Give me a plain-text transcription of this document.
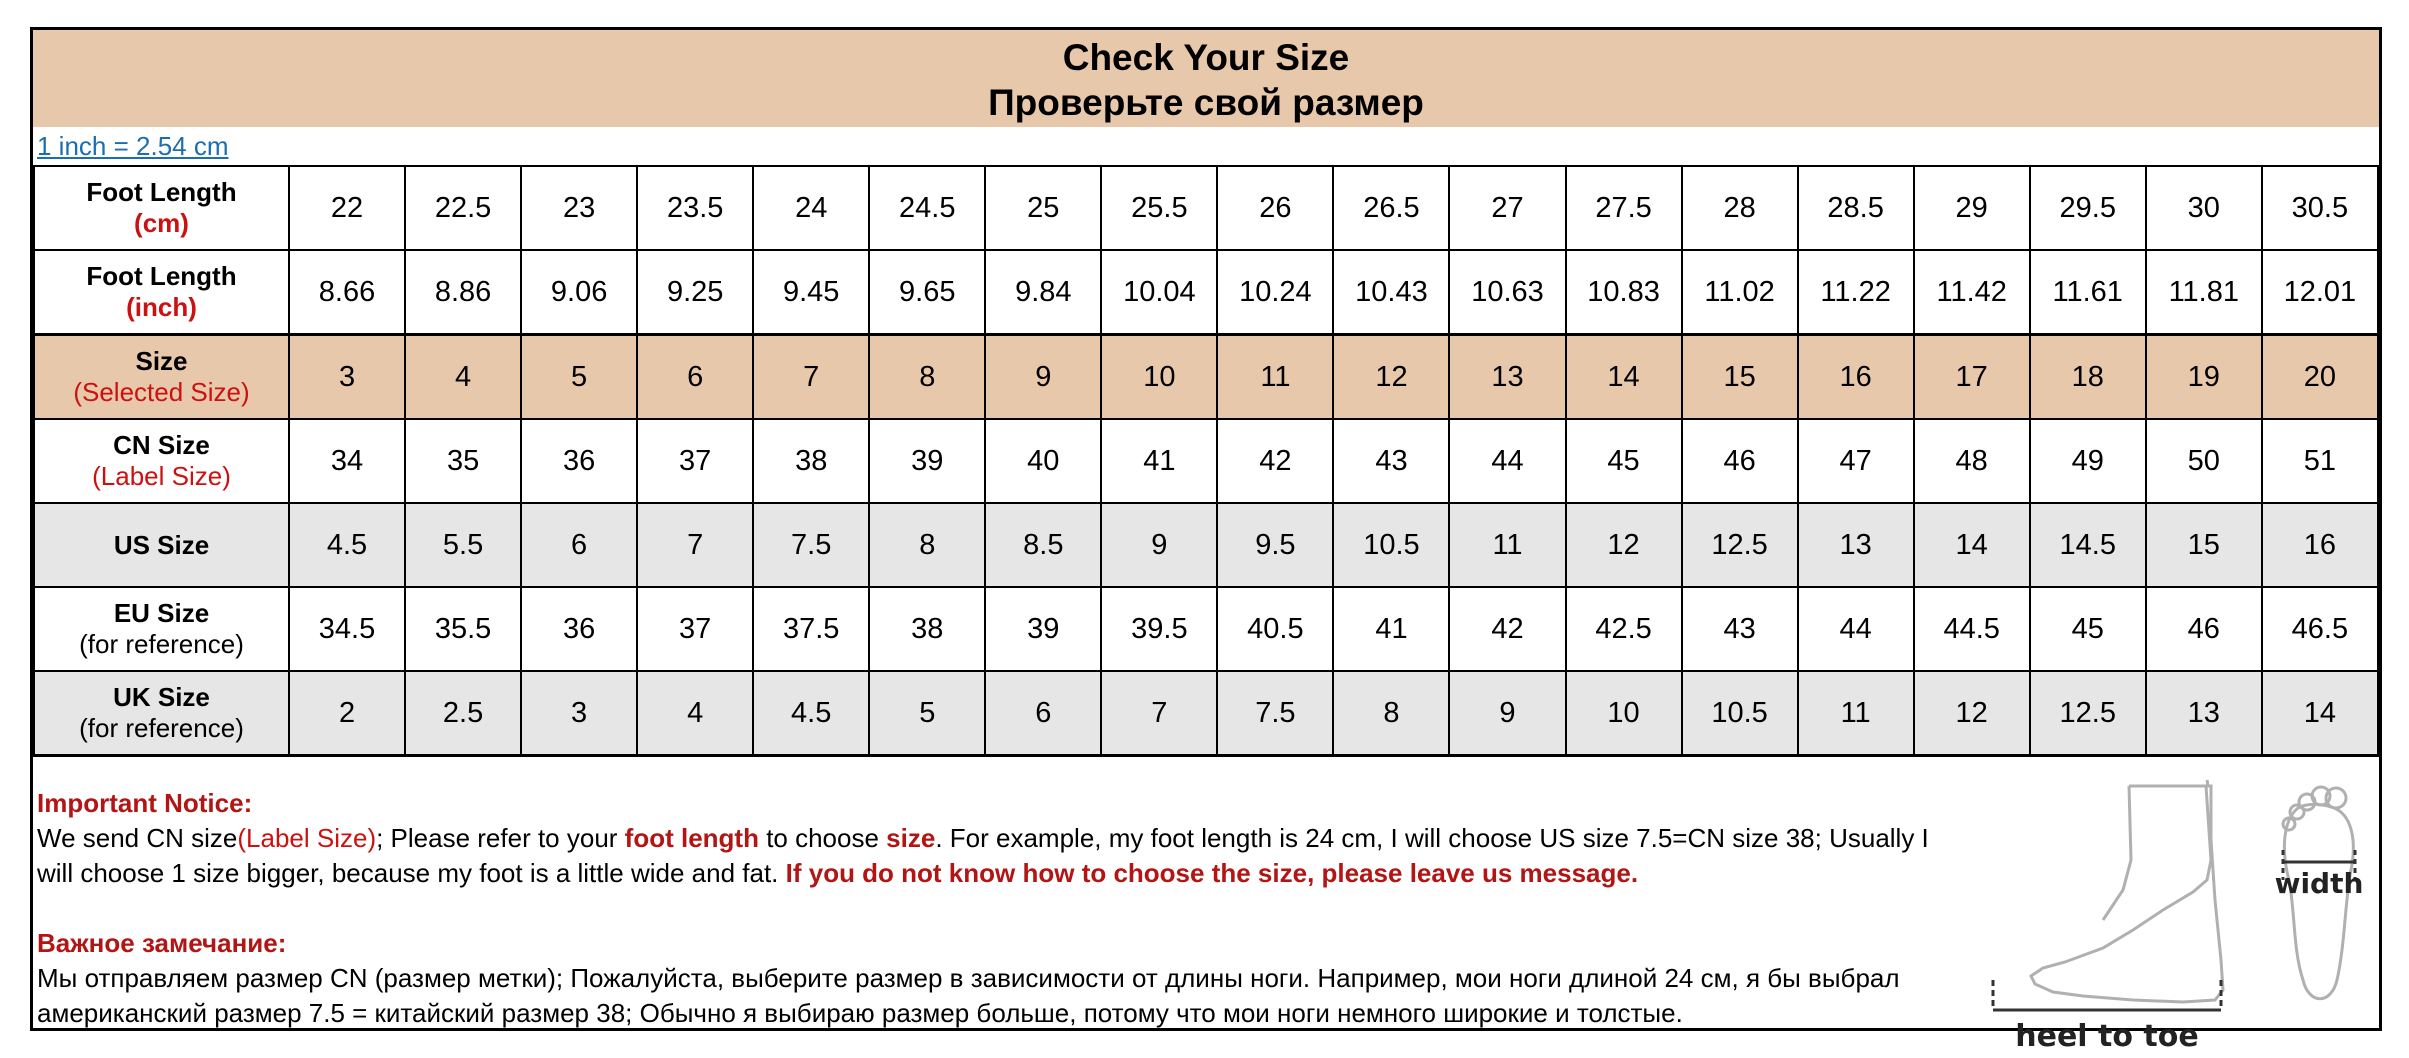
Check Your Size
Проверьте свой размер
1 inch = 2.54 cm
Foot Length
(cm)	22	22.5	23	23.5	24	24.5	25	25.5	26	26.5	27	27.5	28	28.5	29	29.5	30	30.5

Foot Length
(inch)	8.66	8.86	9.06	9.25	9.45	9.65	9.84	10.04	10.24	10.43	10.63	10.83	11.02	11.22	11.42	11.61	11.81	12.01

Size
(Selected Size)	3	4	5	6	7	8	9	10	11	12	13	14	15	16	17	18	19	20

CN Size
(Label Size)	34	35	36	37	38	39	40	41	42	43	44	45	46	47	48	49	50	51

US Size	4.5	5.5	6	7	7.5	8	8.5	9	9.5	10.5	11	12	12.5	13	14	14.5	15	16

EU Size
(for reference)	34.5	35.5	36	37	37.5	38	39	39.5	40.5	41	42	42.5	43	44	44.5	45	46	46.5

UK Size
(for reference)	2	2.5	3	4	4.5	5	6	7	7.5	8	9	10	10.5	11	12	12.5	13	14
Important Notice:
We send CN size(Label Size); Please refer to your foot length to choose size. For example, my foot length is 24 cm, I will choose US size 7.5=CN size 38; Usually I will choose 1 size bigger, because my foot is a little wide and fat. If you do not know how to choose the size, please leave us message.
Важное замечание:
Мы отправляем размер CN (размер метки); Пожалуйста, выберите размер в зависимости от длины ноги. Например, мои ноги длиной 24 см, я бы выбрал американский размер 7.5 = китайский размер 38; Обычно я выбираю размер больше, потому что мои ноги немного широкие и толстые.
width
heel to toe
